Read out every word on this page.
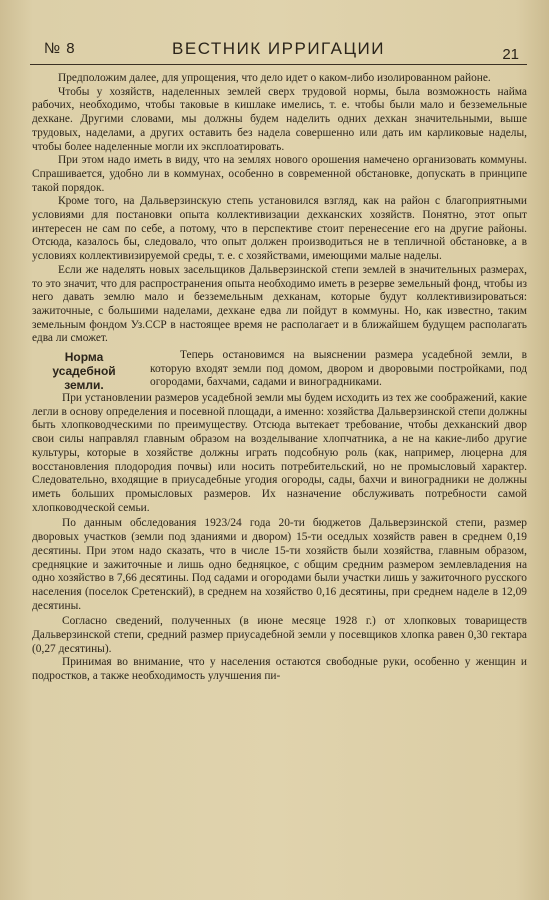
№ 8	ВЕСТНИК ИРРИГАЦИИ	21

Предположим далее, для упрощения, что дело идет о каком-либо изолированном районе.

Чтобы у хозяйств, наделенных землей сверх трудовой нормы, была возможность найма рабочих, необходимо, чтобы таковые в кишлаке имелись, т. е. чтобы были мало и безземельные дехкане. Другими словами, мы должны будем наделить одних дехкан значительными, выше трудовых, наделами, а других оставить без надела совершенно или дать им карликовые наделы, чтобы более наделенные могли их эксплоатировать.

При этом надо иметь в виду, что на землях нового орошения намечено организовать коммуны. Спрашивается, удобно ли в коммунах, особенно в современной обстановке, допускать в принципе такой порядок.

Кроме того, на Дальверзинскую степь установился взгляд, как на район с благоприятными условиями для постановки опыта коллективизации дехканских хозяйств. Понятно, этот опыт интересен не сам по себе, а потому, что в перспективе стоит перенесение его на другие районы. Отсюда, казалось бы, следовало, что опыт должен производиться не в тепличной обстановке, а в условиях коллективизируемой среды, т. е. с хозяйствами, имеющими малые наделы.

Если же наделять новых засельщиков Дальверзинской степи землей в значительных размерах, то это значит, что для распространения опыта необходимо иметь в резерве земельный фонд, чтобы из него давать землю мало и безземельным дехканам, которые будут коллективизироваться: зажиточные, с большими наделами, дехкане едва ли пойдут в коммуны. Но, как известно, таким земельным фондом Уз.ССР в настоящее время не располагает и в ближайшем будущем располагать едва ли сможет.

Норма усадебной земли.

Теперь остановимся на выяснении размера усадебной земли, в которую входят земли под домом, двором и дворовыми постройками, под огородами, бахчами, садами и виноградниками.

При установлении размеров усадебной земли мы будем исходить из тех же соображений, какие легли в основу определения и посевной площади, а именно: хозяйства Дальверзинской степи должны быть хлопководческими по преимуществу. Отсюда вытекает требование, чтобы дехканский двор свои силы направлял главным образом на возделывание хлопчатника, а не на какие-либо другие культуры, которые в хозяйстве должны играть подсобную роль (как, например, люцерна для восстановления плодородия почвы) или носить потребительский, но не промысловый характер. Следовательно, входящие в приусадебные угодия огороды, сады, бахчи и виноградники не должны иметь больших промысловых размеров. Их назначение обслуживать потребности самой хлопководческой семьи.

По данным обследования 1923/24 года 20-ти бюджетов Дальверзинской степи, размер дворовых участков (земли под зданиями и двором) 15-ти оседлых хозяйств равен в среднем 0,19 десятины. При этом надо сказать, что в числе 15-ти хозяйств были хозяйства, главным образом, средняцкие и зажиточные и лишь одно бедняцкое, с общим средним размером землевладения на одно хозяйство в 7,66 десятины. Под садами и огородами были участки лишь у зажиточного русского населения (поселок Сретенский), в среднем на хозяйство 0,16 десятины, при среднем наделе в 12,09 десятины.

Согласно сведений, полученных (в июне месяце 1928 г.) от хлопковых товариществ Дальверзинской степи, средний размер приусадебной земли у посевщиков хлопка равен 0,30 гектара (0,27 десятины).

Принимая во внимание, что у населения остаются свободные руки, особенно у женщин и подростков, а также необходимость улучшения пи-
